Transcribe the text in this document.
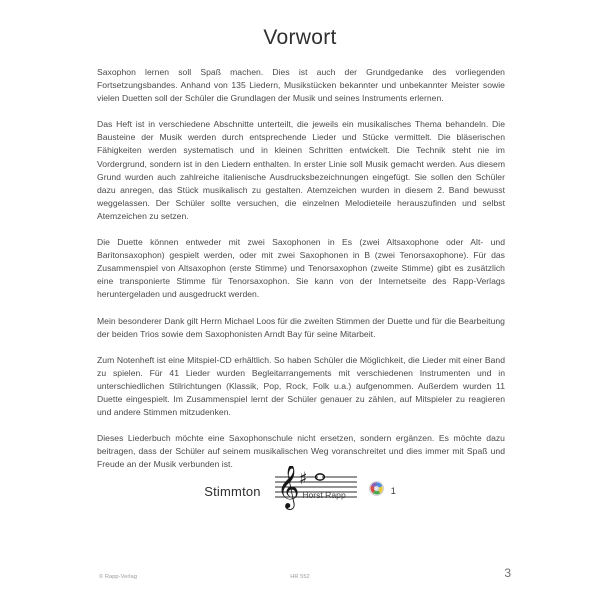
Vorwort

Saxophon lernen soll Spaß machen. Dies ist auch der Grundgedanke des vorliegenden Fortsetzungsbandes. Anhand von 135 Liedern, Musikstücken bekannter und unbekannter Meister sowie vielen Duetten soll der Schüler die Grundlagen der Musik und seines Instruments erlernen.

Das Heft ist in verschiedene Abschnitte unterteilt, die jeweils ein musikalisches Thema behandeln. Die Bausteine der Musik werden durch entsprechende Lieder und Stücke vermittelt. Die bläserischen Fähigkeiten werden systematisch und in kleinen Schritten entwickelt. Die Technik steht nie im Vordergrund, sondern ist in den Liedern enthalten. In erster Linie soll Musik gemacht werden. Aus diesem Grund wurden auch zahlreiche italienische Ausdrucksbezeichnungen eingefügt. Sie sollen den Schüler dazu anregen, das Stück musikalisch zu gestalten. Atemzeichen wurden in diesem 2. Band bewusst weggelassen. Der Schüler sollte versuchen, die einzelnen Melodieteile herauszufinden und selbst Atemzeichen zu setzen.

Die Duette können entweder mit zwei Saxophonen in Es (zwei Altsaxophone oder Alt- und Baritonsaxophon) gespielt werden, oder mit zwei Saxophonen in B (zwei Tenorsaxophone). Für das Zusammenspiel von Altsaxophon (erste Stimme) und Tenorsaxophon (zweite Stimme) gibt es zusätzlich eine transponierte Stimme für Tenorsaxophon. Sie kann von der Internetseite des Rapp-Verlags heruntergeladen und ausgedruckt werden.

Mein besonderer Dank gilt Herrn Michael Loos für die zweiten Stimmen der Duette und für die Bearbeitung der beiden Trios sowie dem Saxophonisten Arndt Bay für seine Mitarbeit.

Zum Notenheft ist eine Mitspiel-CD erhältlich. So haben Schüler die Möglichkeit, die Lieder mit einer Band zu spielen. Für 41 Lieder wurden Begleitarrangements mit verschiedenen Instrumenten und in unterschiedlichen Stilrichtungen (Klassik, Pop, Rock, Folk u.a.) aufgenommen. Außerdem wurden 11 Duette eingespielt. Im Zusammenspiel lernt der Schüler genauer zu zählen, auf Mitspieler zu reagieren und andere Stimmen mitzudenken.

Dieses Liederbuch möchte eine Saxophonschule nicht ersetzen, sondern ergänzen. Es möchte dazu beitragen, dass der Schüler auf seinem musikalischen Weg voranschreitet und dies immer mit Spaß und Freude an der Musik verbunden ist.

Horst Rapp

Stimmton 𝄞 ♯
1
© Rapp-Verlag	HR 552	3
